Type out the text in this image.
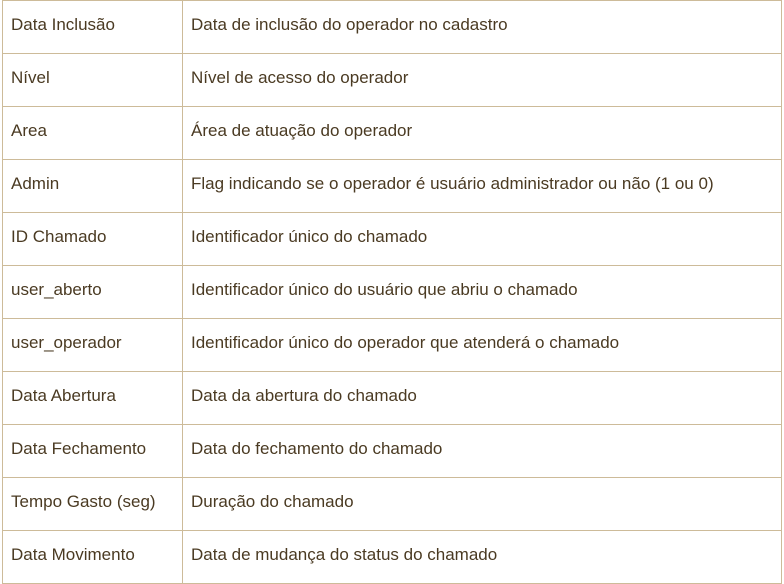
Data Inclusão	Data de inclusão do operador no cadastro
Nível	Nível de acesso do operador
Area	Área de atuação do operador
Admin	Flag indicando se o operador é usuário administrador ou não (1 ou 0)
ID Chamado	Identificador único do chamado
user_aberto	Identificador único do usuário que abriu o chamado
user_operador	Identificador único do operador que atenderá o chamado
Data Abertura	Data da abertura do chamado
Data Fechamento	Data do fechamento do chamado
Tempo Gasto (seg)	Duração do chamado
Data Movimento	Data de mudança do status do chamado
